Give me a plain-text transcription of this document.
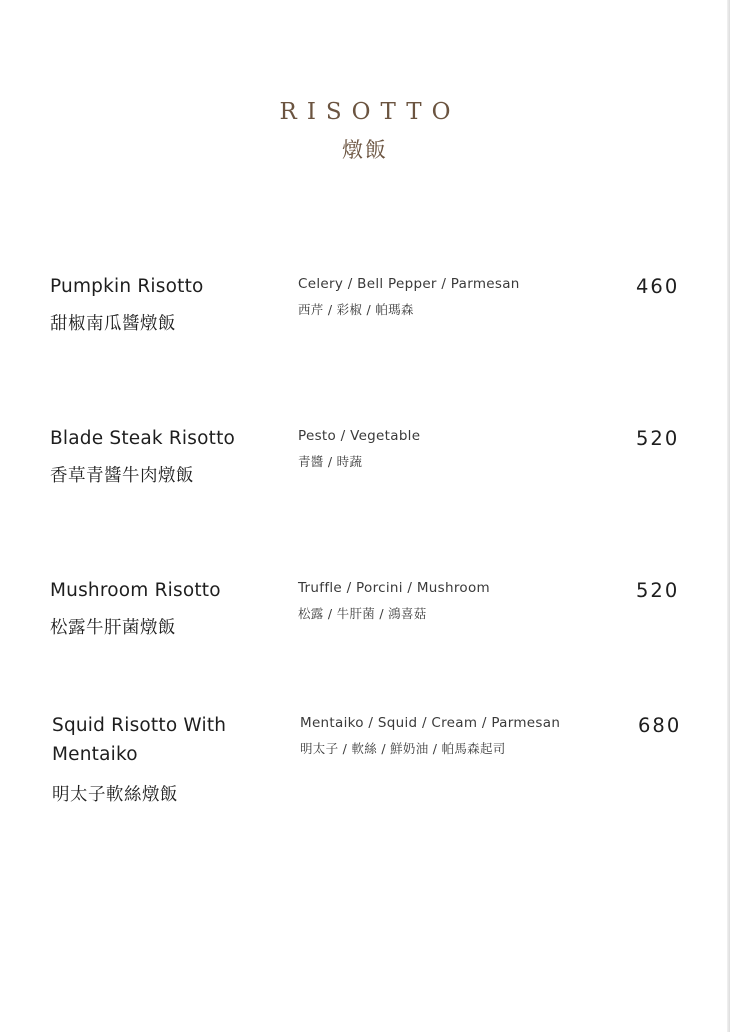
RISOTTO
燉飯
Pumpkin Risotto
甜椒南瓜醬燉飯
Celery / Bell Pepper / Parmesan
西芹 / 彩椒 / 帕瑪森
460
Blade Steak Risotto
香草青醬牛肉燉飯
Pesto / Vegetable
青醬 / 時蔬
520
Mushroom Risotto
松露牛肝菌燉飯
Truffle / Porcini / Mushroom
松露 / 牛肝菌 / 鴻喜菇
520
Squid Risotto With Mentaiko
明太子軟絲燉飯
Mentaiko / Squid / Cream / Parmesan
明太子 / 軟絲 / 鮮奶油 / 帕馬森起司
680
